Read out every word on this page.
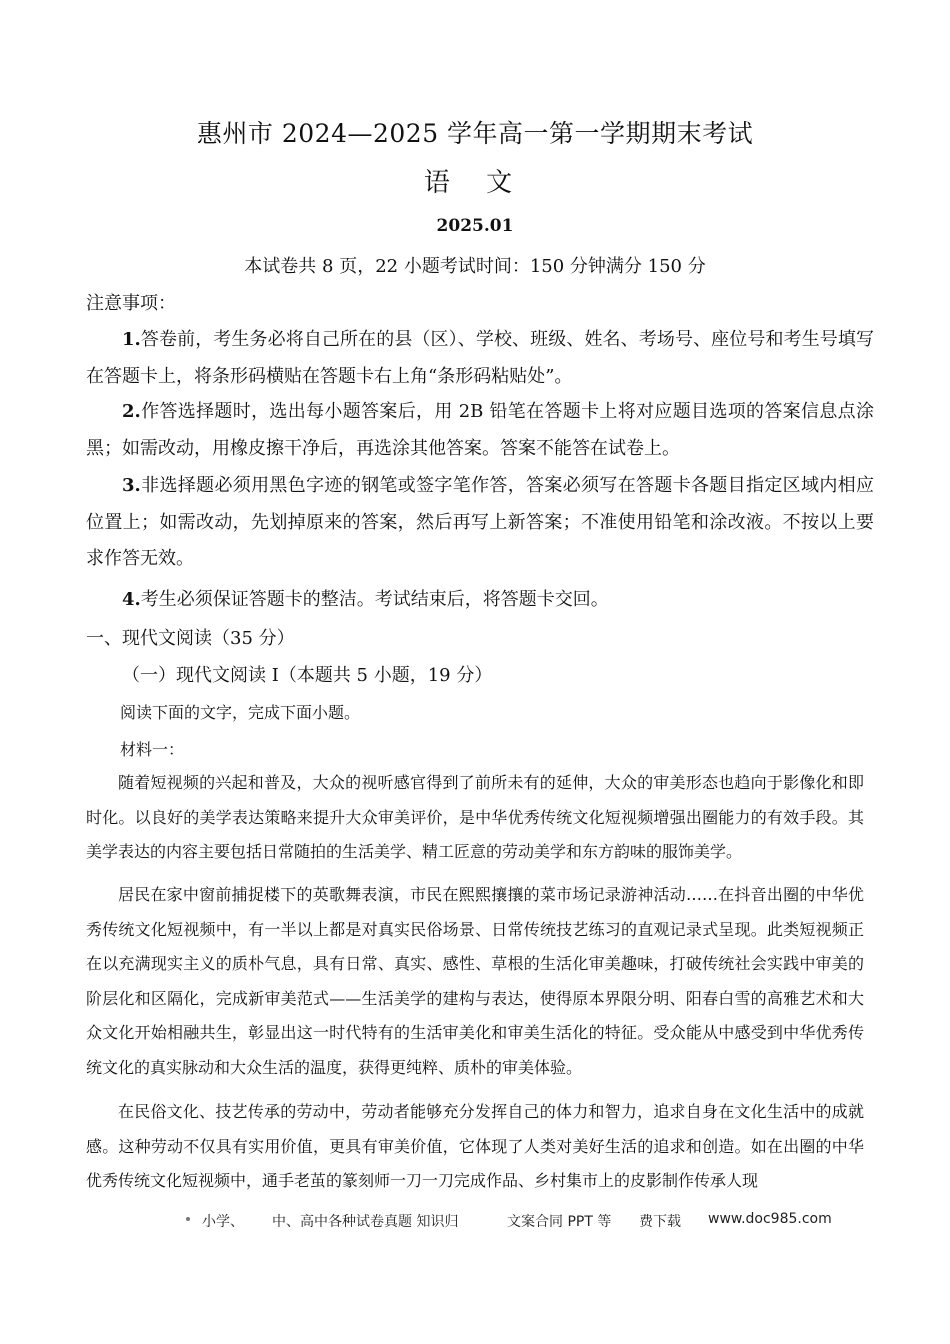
惠州市 2024—2025 学年高一第一学期期末考试
语 文
2025.01
本试卷共 8 页，22 小题考试时间：150 分钟满分 150 分
注意事项：
1.答卷前，考生务必将自己所在的县（区）、学校、班级、姓名、考场号、座位号和考生号填写在答题卡上，将条形码横贴在答题卡右上角“条形码粘贴处”。
2.作答选择题时，选出每小题答案后，用 2B 铅笔在答题卡上将对应题目选项的答案信息点涂黑；如需改动，用橡皮擦干净后，再选涂其他答案。答案不能答在试卷上。
3.非选择题必须用黑色字迹的钢笔或签字笔作答，答案必须写在答题卡各题目指定区域内相应位置上；如需改动，先划掉原来的答案，然后再写上新答案；不准使用铅笔和涂改液。不按以上要求作答无效。
4.考生必须保证答题卡的整洁。考试结束后，将答题卡交回。
一、现代文阅读（35 分）
（一）现代文阅读 Ⅰ（本题共 5 小题，19 分）
阅读下面的文字，完成下面小题。
材料一：
随着短视频的兴起和普及，大众的视听感官得到了前所未有的延伸，大众的审美形态也趋向于影像化和即时化。以良好的美学表达策略来提升大众审美评价，是中华优秀传统文化短视频增强出圈能力的有效手段。其美学表达的内容主要包括日常随拍的生活美学、精工匠意的劳动美学和东方韵味的服饰美学。
居民在家中窗前捕捉楼下的英歌舞表演，市民在熙熙攘攘的菜市场记录游神活动……在抖音出圈的中华优秀传统文化短视频中，有一半以上都是对真实民俗场景、日常传统技艺练习的直观记录式呈现。此类短视频正在以充满现实主义的质朴气息，具有日常、真实、感性、草根的生活化审美趣味，打破传统社会实践中审美的阶层化和区隔化，完成新审美范式——生活美学的建构与表达，使得原本界限分明、阳春白雪的高雅艺术和大众文化开始相融共生，彰显出这一时代特有的生活审美化和审美生活化的特征。受众能从中感受到中华优秀传统文化的真实脉动和大众生活的温度，获得更纯粹、质朴的审美体验。
在民俗文化、技艺传承的劳动中，劳动者能够充分发挥自己的体力和智力，追求自身在文化生活中的成就感。这种劳动不仅具有实用价值，更具有审美价值，它体现了人类对美好生活的追求和创造。如在出圈的中华优秀传统文化短视频中，通手老茧的篆刻师一刀一刀完成作品、乡村集市上的皮影制作传承人现
小学、 中、高中各种试卷真题 知识归	文案合同 PPT 等 费下载 www.doc985.com
